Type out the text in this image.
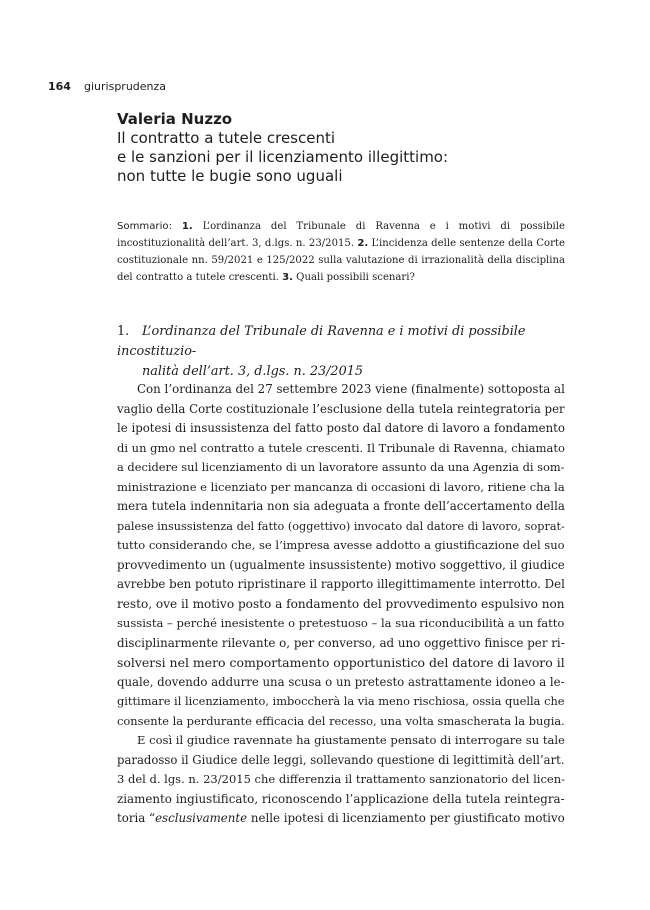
164 giurisprudenza
Valeria Nuzzo
Il contratto a tutele crescenti
e le sanzioni per il licenziamento illegittimo:
non tutte le bugie sono uguali
Sommario: 1. L’ordinanza del Tribunale di Ravenna e i motivi di possibile incostituzionalità dell’art. 3, d.lgs. n. 23/2015. 2. L’incidenza delle sentenze della Corte costituzionale nn. 59/2021 e 125/2022 sulla valutazione di irrazionalità della disciplina del contratto a tutele crescenti. 3. Quali possibili scenari?
1. L’ordinanza del Tribunale di Ravenna e i motivi di possibile incostituzio-
nalità dell’art. 3, d.lgs. n. 23/2015
Con l’ordinanza del 27 settembre 2023 viene (finalmente) sottoposta al
vaglio della Corte costituzionale l’esclusione della tutela reintegratoria per
le ipotesi di insussistenza del fatto posto dal datore di lavoro a fondamento
di un gmo nel contratto a tutele crescenti. Il Tribunale di Ravenna, chiamato
a decidere sul licenziamento di un lavoratore assunto da una Agenzia di som-
ministrazione e licenziato per mancanza di occasioni di lavoro, ritiene cha la
mera tutela indennitaria non sia adeguata a fronte dell’accertamento della
palese insussistenza del fatto (oggettivo) invocato dal datore di lavoro, soprat-
tutto considerando che, se l’impresa avesse addotto a giustificazione del suo
provvedimento un (ugualmente insussistente) motivo soggettivo, il giudice
avrebbe ben potuto ripristinare il rapporto illegittimamente interrotto. Del
resto, ove il motivo posto a fondamento del provvedimento espulsivo non
sussista – perché inesistente o pretestuoso – la sua riconducibilità a un fatto
disciplinarmente rilevante o, per converso, ad uno oggettivo finisce per ri-
solversi nel mero comportamento opportunistico del datore di lavoro il
quale, dovendo addurre una scusa o un pretesto astrattamente idoneo a le-
gittimare il licenziamento, imboccherà la via meno rischiosa, ossia quella che
consente la perdurante efficacia del recesso, una volta smascherata la bugia.
E così il giudice ravennate ha giustamente pensato di interrogare su tale
paradosso il Giudice delle leggi, sollevando questione di legittimità dell’art.
3 del d. lgs. n. 23/2015 che differenzia il trattamento sanzionatorio del licen-
ziamento ingiustificato, riconoscendo l’applicazione della tutela reintegra-
toria “esclusivamente nelle ipotesi di licenziamento per giustificato motivo
